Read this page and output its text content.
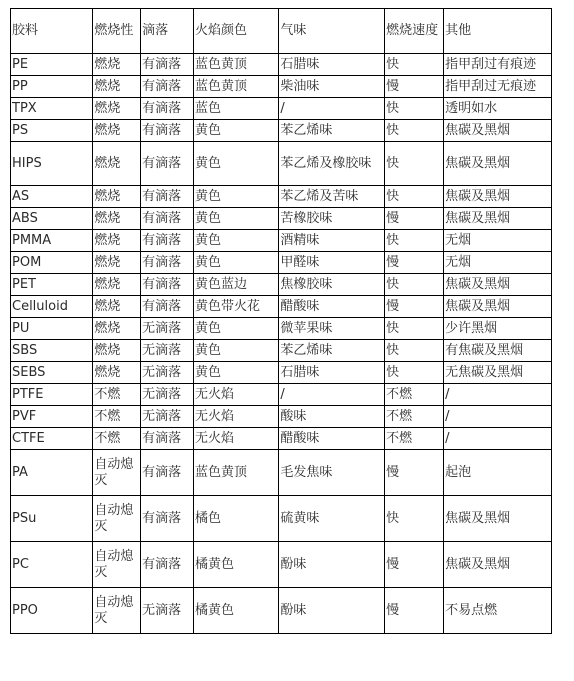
胶料	燃烧性	滴落	火焰颜色	气味	燃烧速度	其他
PE	燃烧	有滴落	蓝色黄顶	石腊味	快	指甲刮过有痕迹
PP	燃烧	有滴落	蓝色黄顶	柴油味	慢	指甲刮过无痕迹
TPX	燃烧	有滴落	蓝色	/	快	透明如水
PS	燃烧	有滴落	黄色	苯乙烯味	快	焦碳及黑烟
HIPS	燃烧	有滴落	黄色	苯乙烯及橡胶味	快	焦碳及黑烟
AS	燃烧	有滴落	黄色	苯乙烯及苦味	快	焦碳及黑烟
ABS	燃烧	有滴落	黄色	苦橡胶味	慢	焦碳及黑烟
PMMA	燃烧	有滴落	黄色	酒精味	快	无烟
POM	燃烧	有滴落	黄色	甲醛味	慢	无烟
PET	燃烧	有滴落	黄色蓝边	焦橡胶味	快	焦碳及黑烟
Celluloid	燃烧	有滴落	黄色带火花	醋酸味	慢	焦碳及黑烟
PU	燃烧	无滴落	黄色	微苹果味	快	少许黑烟
SBS	燃烧	无滴落	黄色	苯乙烯味	快	有焦碳及黑烟
SEBS	燃烧	无滴落	黄色	石腊味	快	无焦碳及黑烟
PTFE	不燃	无滴落	无火焰	/	不燃	/
PVF	不燃	无滴落	无火焰	酸味	不燃	/
CTFE	不燃	有滴落	无火焰	醋酸味	不燃	/
PA	自动熄灭	有滴落	蓝色黄顶	毛发焦味	慢	起泡
PSu	自动熄灭	有滴落	橘色	硫黄味	快	焦碳及黑烟
PC	自动熄灭	有滴落	橘黄色	酚味	慢	焦碳及黑烟
PPO	自动熄灭	无滴落	橘黄色	酚味	慢	不易点燃
